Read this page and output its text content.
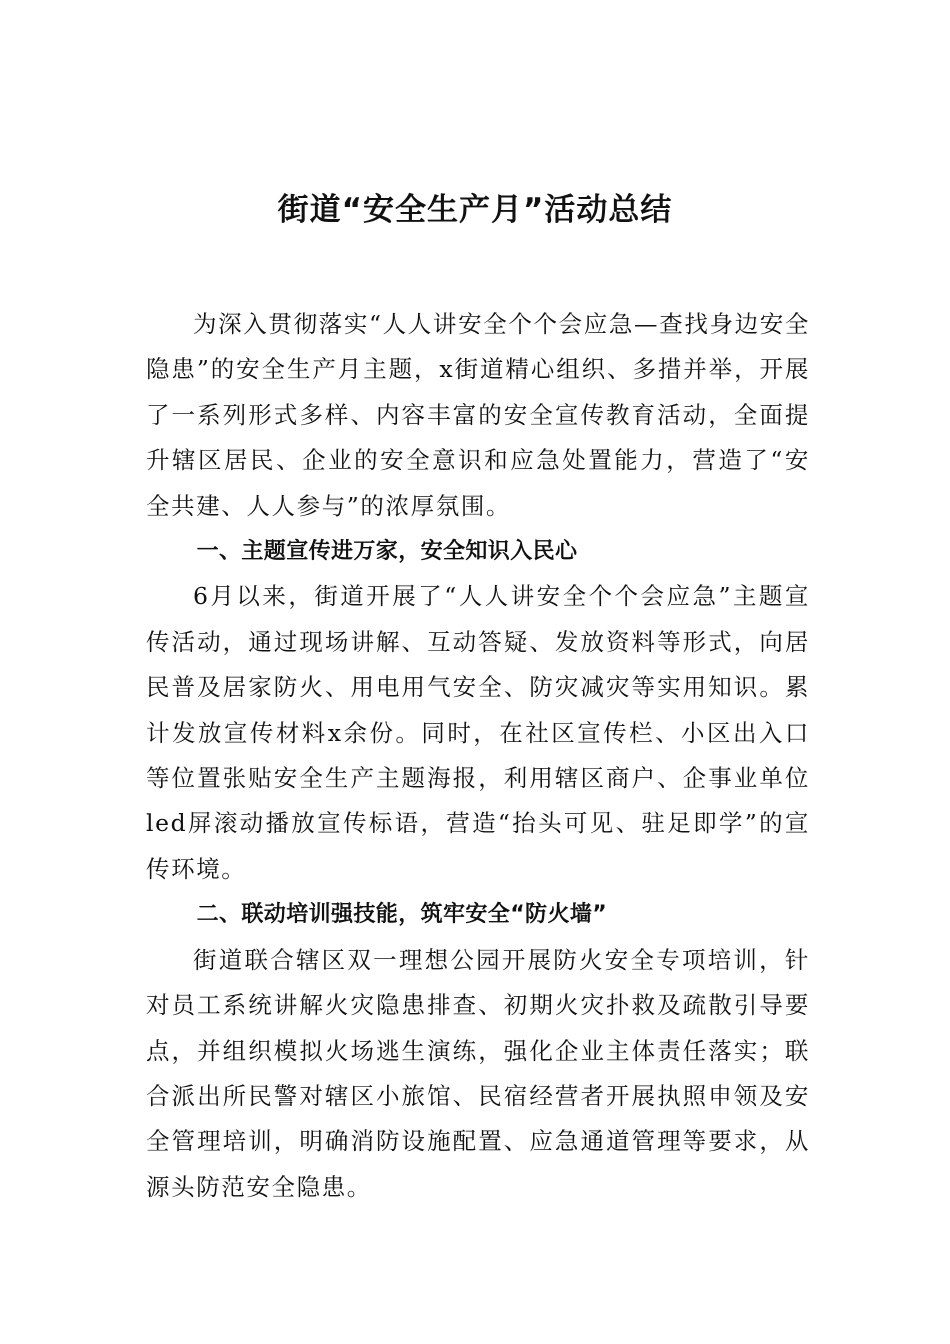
街道“安全生产月”活动总结

为深入贯彻落实“人人讲安全个个会应急—查找身边安全隐患”的安全生产月主题，x街道精心组织、多措并举，开展了一系列形式多样、内容丰富的安全宣传教育活动，全面提升辖区居民、企业的安全意识和应急处置能力，营造了“安全共建、人人参与”的浓厚氛围。

一、主题宣传进万家，安全知识入民心

6月以来，街道开展了“人人讲安全个个会应急”主题宣传活动，通过现场讲解、互动答疑、发放资料等形式，向居民普及居家防火、用电用气安全、防灾减灾等实用知识。累计发放宣传材料x余份。同时，在社区宣传栏、小区出入口等位置张贴安全生产主题海报，利用辖区商户、企事业单位led屏滚动播放宣传标语，营造“抬头可见、驻足即学”的宣传环境。

二、联动培训强技能，筑牢安全“防火墙”

街道联合辖区双一理想公园开展防火安全专项培训，针对员工系统讲解火灾隐患排查、初期火灾扑救及疏散引导要点，并组织模拟火场逃生演练，强化企业主体责任落实；联合派出所民警对辖区小旅馆、民宿经营者开展执照申领及安全管理培训，明确消防设施配置、应急通道管理等要求，从源头防范安全隐患。
